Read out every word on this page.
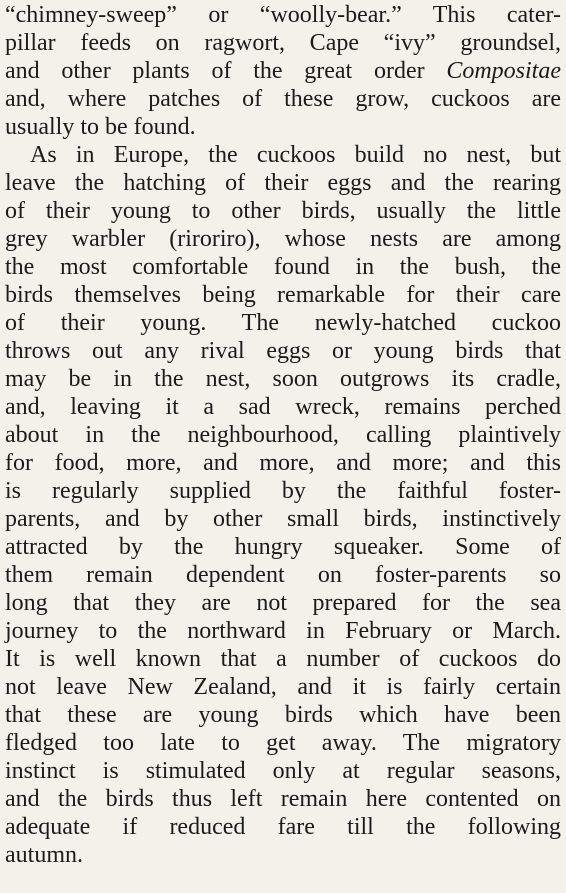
“chimney-sweep” or “woolly-bear.” This cater-
pillar feeds on ragwort, Cape “ivy” groundsel,
and other plants of the great order Compositae
and, where patches of these grow, cuckoos are
usually to be found.
As in Europe, the cuckoos build no nest, but
leave the hatching of their eggs and the rearing
of their young to other birds, usually the little
grey warbler (riroriro), whose nests are among
the most comfortable found in the bush, the
birds themselves being remarkable for their care
of their young. The newly-hatched cuckoo
throws out any rival eggs or young birds that
may be in the nest, soon outgrows its cradle,
and, leaving it a sad wreck, remains perched
about in the neighbourhood, calling plaintively
for food, more, and more, and more; and this
is regularly supplied by the faithful foster-
parents, and by other small birds, instinctively
attracted by the hungry squeaker. Some of
them remain dependent on foster-parents so
long that they are not prepared for the sea
journey to the northward in February or March.
It is well known that a number of cuckoos do
not leave New Zealand, and it is fairly certain
that these are young birds which have been
fledged too late to get away. The migratory
instinct is stimulated only at regular seasons,
and the birds thus left remain here contented on
adequate if reduced fare till the following
autumn.
